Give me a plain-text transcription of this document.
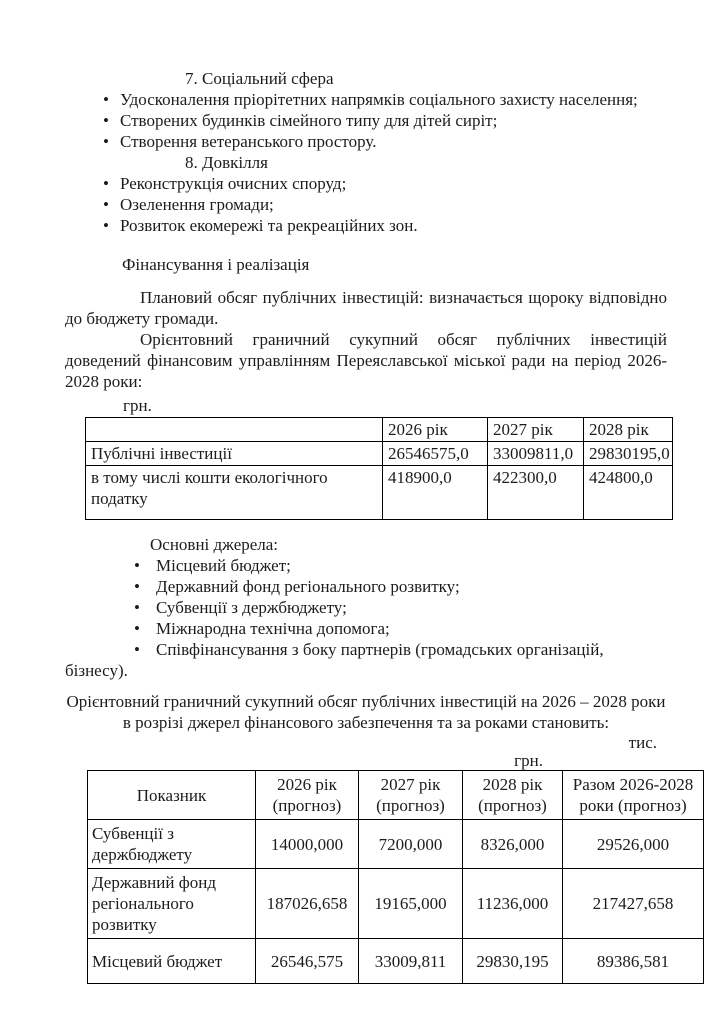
7. Соціальний сфера
• Удосконалення пріорітетних напрямків соціального захисту населення;
• Створених будинків сімейного типу для дітей сиріт;
• Створення ветеранського простору.
8. Довкілля
• Реконструкція очисних споруд;
• Озеленення громади;
• Розвиток екомережі та рекреаційних зон.
Фінансування і реалізація
Плановий обсяг публічних інвестицій: визначається щороку відповідно до бюджету громади.
Орієнтовний граничний сукупний обсяг публічних інвестицій доведений фінансовим управлінням Переяславської міської ради на період 2026-2028 роки:
грн.
	2026 рік	2027 рік	2028 рік
Публічні інвестиції	26546575,0	33009811,0	29830195,0
в тому числі кошти екологічного податку	418900,0	422300,0	424800,0
Основні джерела:
• Місцевий бюджет;
• Державний фонд регіонального розвитку;
• Субвенції з держбюджету;
• Міжнародна технічна допомога;
• Співфінансування з боку партнерів (громадських організацій,
бізнесу).
Орієнтовний граничний сукупний обсяг публічних інвестицій на 2026 – 2028 роки в розрізі джерел фінансового забезпечення та за роками становить:
тис.
грн.
Показник	2026 рік (прогноз)	2027 рік (прогноз)	2028 рік (прогноз)	Разом 2026-2028 роки (прогноз)
Субвенції з держбюджету	14000,000	7200,000	8326,000	29526,000
Державний фонд регіонального розвитку	187026,658	19165,000	11236,000	217427,658
Місцевий бюджет	26546,575	33009,811	29830,195	89386,581
